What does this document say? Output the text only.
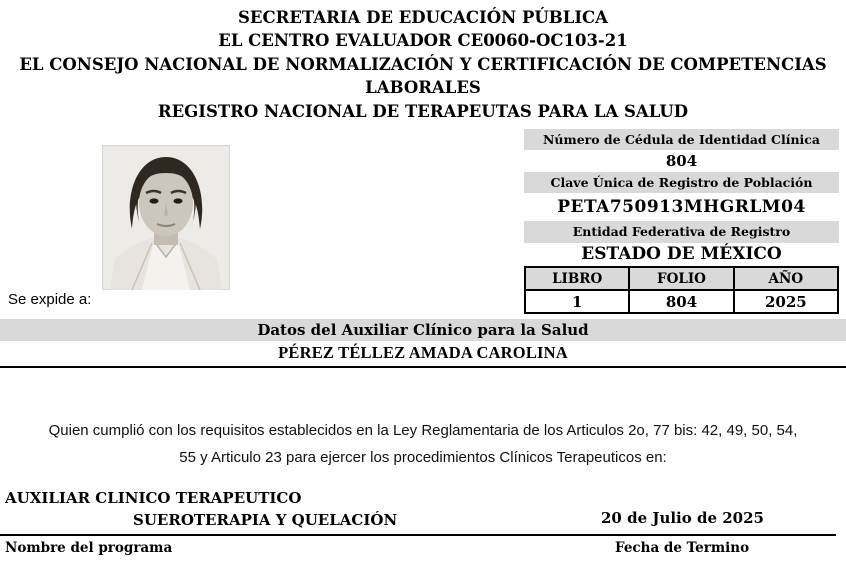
SECRETARIA DE EDUCACIÓN PÚBLICA
EL CENTRO EVALUADOR CE0060-OC103-21
EL CONSEJO NACIONAL DE NORMALIZACIÓN Y CERTIFICACIÓN DE COMPETENCIAS
LABORALES
REGISTRO NACIONAL DE TERAPEUTAS PARA LA SALUD
Número de Cédula de Identidad Clínica
804
Clave Única de Registro de Población
PETA750913MHGRLM04
Entidad Federativa de Registro
ESTADO DE MÉXICO
LIBRO	FOLIO	AÑO
1	804	2025
Se expide a:
Datos del Auxiliar Clínico para la Salud
PÉREZ TÉLLEZ AMADA CAROLINA
Quien cumplió con los requisitos establecidos en la Ley Reglamentaria de los Articulos 2o, 77 bis: 42, 49, 50, 54,
55 y Articulo 23 para ejercer los procedimientos Clínicos Terapeuticos en:
AUXILIAR CLINICO TERAPEUTICO
SUEROTERAPIA Y QUELACIÓN	20 de Julio de 2025
Nombre del programa	Fecha de Termino
